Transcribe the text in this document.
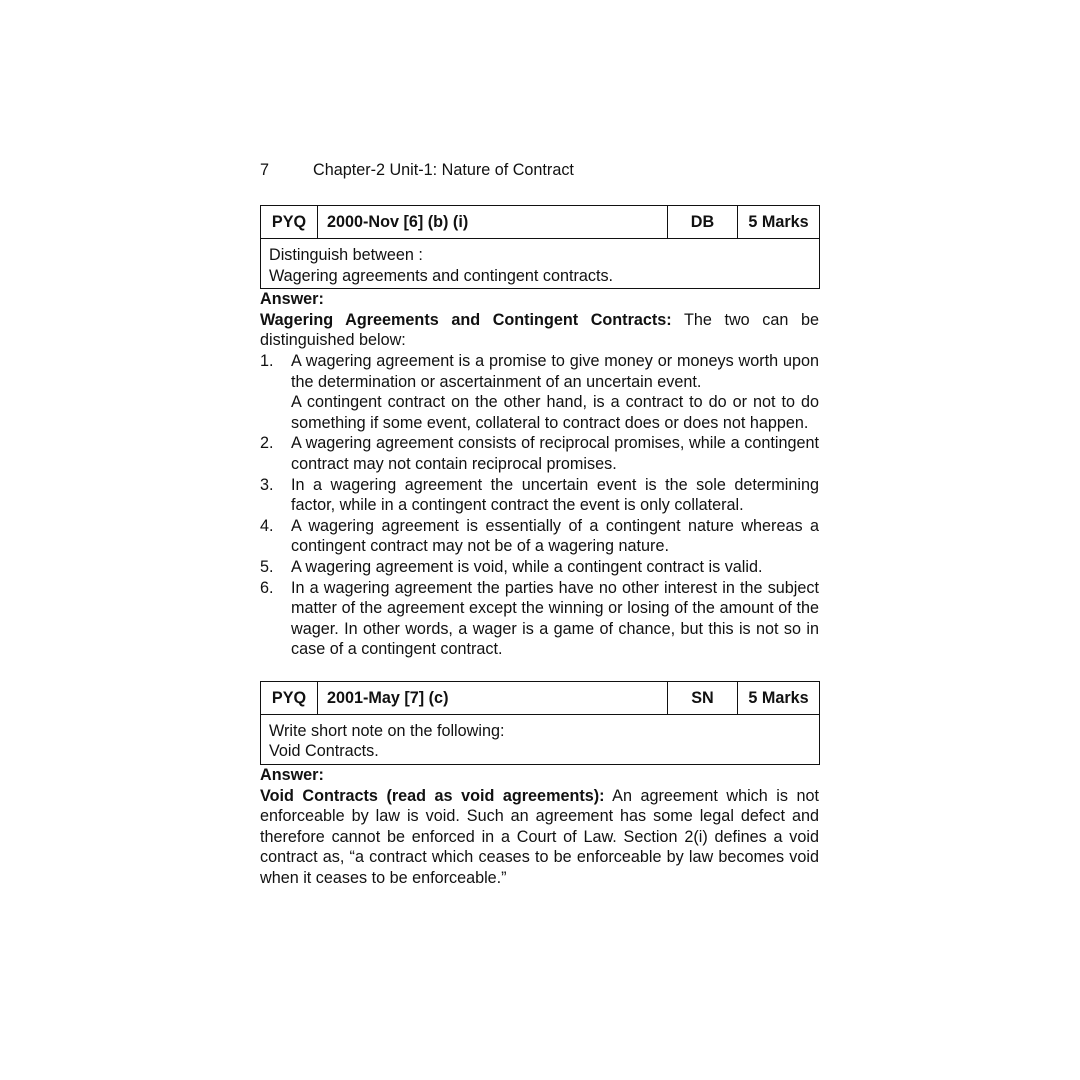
7	Chapter-2 Unit-1: Nature of Contract
PYQ	2000-Nov [6] (b) (i)	DB	5 Marks

Distinguish between :
Wagering agreements and contingent contracts.
Answer:
Wagering Agreements and Contingent Contracts: The two can be distinguished below:
1. A wagering agreement is a promise to give money or moneys worth upon the determination or ascertainment of an uncertain event.
A contingent contract on the other hand, is a contract to do or not to do something if some event, collateral to contract does or does not happen.
2. A wagering agreement consists of reciprocal promises, while a contingent contract may not contain reciprocal promises.
3. In a wagering agreement the uncertain event is the sole determining factor, while in a contingent contract the event is only collateral.
4. A wagering agreement is essentially of a contingent nature whereas a contingent contract may not be of a wagering nature.
5. A wagering agreement is void, while a contingent contract is valid.
6. In a wagering agreement the parties have no other interest in the subject matter of the agreement except the winning or losing of the amount of the wager. In other words, a wager is a game of chance, but this is not so in case of a contingent contract.
PYQ	2001-May [7] (c)	SN	5 Marks

Write short note on the following:
Void Contracts.
Answer:
Void Contracts (read as void agreements): An agreement which is not enforceable by law is void. Such an agreement has some legal defect and therefore cannot be enforced in a Court of Law. Section 2(i) defines a void contract as, “a contract which ceases to be enforceable by law becomes void when it ceases to be enforceable.”
